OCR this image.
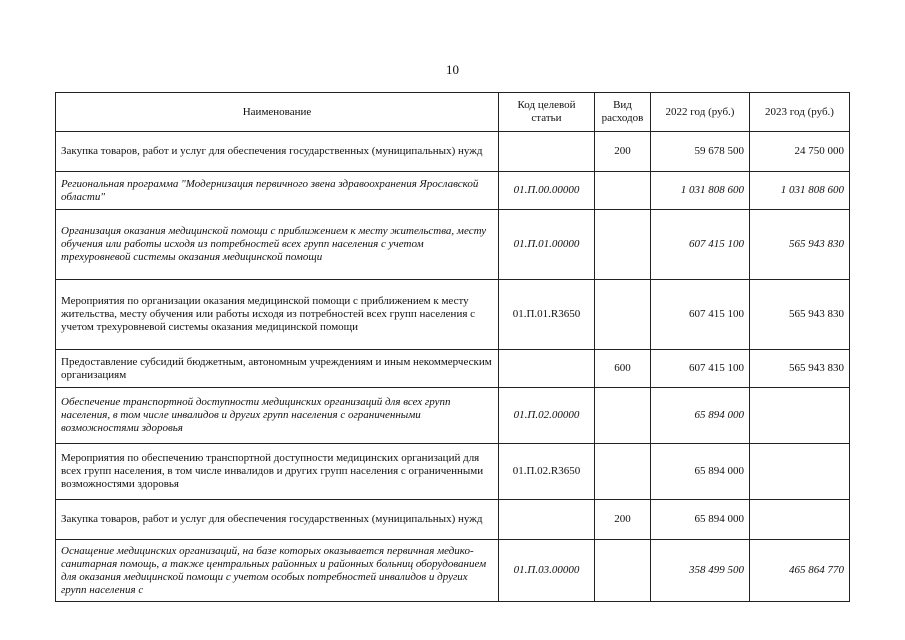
10
Наименование	Код целевой статьи	Вид расходов	2022 год (руб.)	2023 год (руб.)
Закупка товаров, работ и услуг для обеспечения государственных (муниципальных) нужд		200	59 678 500	24 750 000
Региональная программа "Модернизация первичного звена здравоохранения Ярославской области"	01.П.00.00000		1 031 808 600	1 031 808 600
Организация оказания медицинской помощи с приближением к месту жительства, месту обучения или работы исходя из потребностей всех групп населения с учетом трехуровневой системы оказания медицинской помощи	01.П.01.00000		607 415 100	565 943 830
Мероприятия по организации оказания медицинской помощи с приближением к месту жительства, месту обучения или работы исходя из потребностей всех групп населения с учетом трехуровневой системы оказания медицинской помощи	01.П.01.R3650		607 415 100	565 943 830
Предоставление субсидий бюджетным, автономным учреждениям и иным некоммерческим организациям		600	607 415 100	565 943 830
Обеспечение транспортной доступности медицинских организаций для всех групп населения, в том числе инвалидов и других групп населения с ограниченными возможностями здоровья	01.П.02.00000		65 894 000	
Мероприятия по обеспечению транспортной доступности медицинских организаций для всех групп населения, в том числе инвалидов и других групп населения с ограниченными возможностями здоровья	01.П.02.R3650		65 894 000	
Закупка товаров, работ и услуг для обеспечения государственных (муниципальных) нужд		200	65 894 000	
Оснащение медицинских организаций, на базе которых оказывается первичная медико-санитарная помощь, а также центральных районных и районных больниц оборудованием для оказания медицинской помощи с учетом особых потребностей инвалидов и других групп населения с	01.П.03.00000		358 499 500	465 864 770
